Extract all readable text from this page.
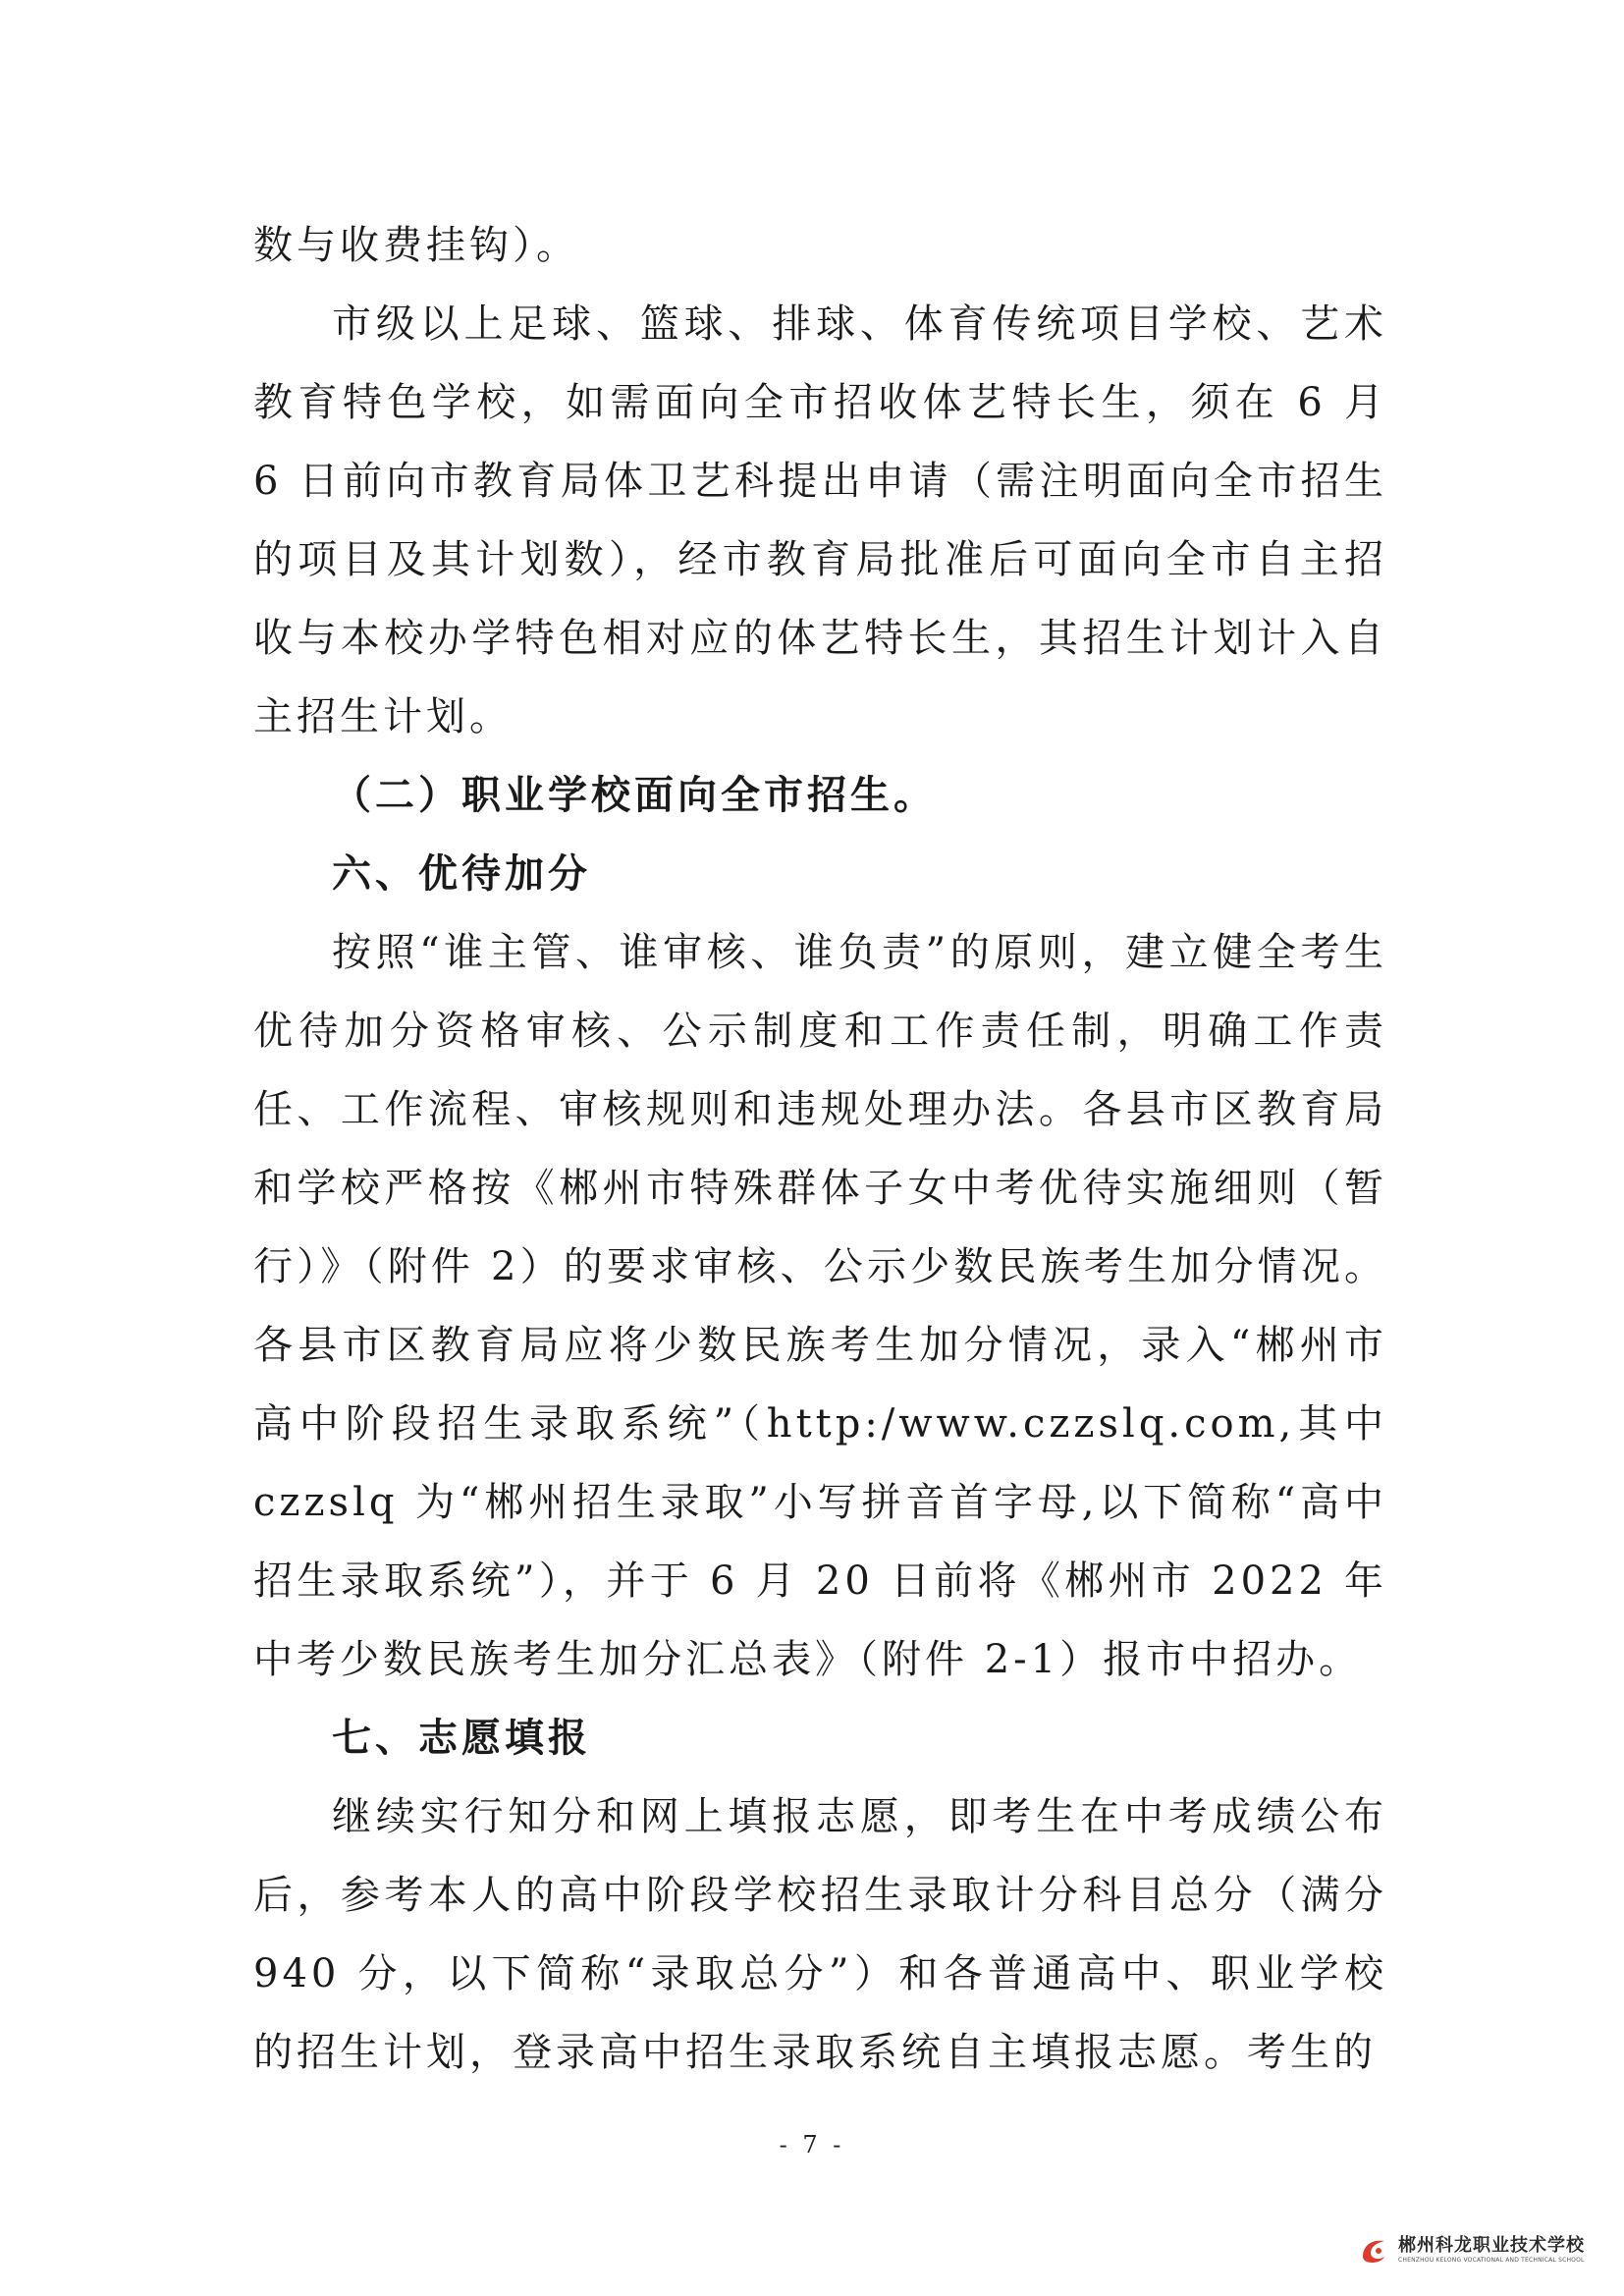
数与收费挂钩）。

市级以上足球、篮球、排球、体育传统项目学校、艺术教育特色学校，如需面向全市招收体艺特长生，须在 6 月 6 日前向市教育局体卫艺科提出申请（需注明面向全市招生的项目及其计划数），经市教育局批准后可面向全市自主招收与本校办学特色相对应的体艺特长生，其招生计划计入自主招生计划。

（二）职业学校面向全市招生。

六、优待加分

按照“谁主管、谁审核、谁负责”的原则，建立健全考生优待加分资格审核、公示制度和工作责任制，明确工作责任、工作流程、审核规则和违规处理办法。各县市区教育局和学校严格按《郴州市特殊群体子女中考优待实施细则（暂行）》（附件 2）的要求审核、公示少数民族考生加分情况。各县市区教育局应将少数民族考生加分情况，录入“郴州市高中阶段招生录取系统”（http:/www.czzslq.com,其中 czzslq 为“郴州招生录取”小写拼音首字母,以下简称“高中招生录取系统”），并于 6 月 20 日前将《郴州市 2022 年中考少数民族考生加分汇总表》（附件 2-1）报市中招办。

七、志愿填报

继续实行知分和网上填报志愿，即考生在中考成绩公布后，参考本人的高中阶段学校招生录取计分科目总分（满分 940 分，以下简称“录取总分”）和各普通高中、职业学校的招生计划，登录高中招生录取系统自主填报志愿。考生的

- 7 -
郴州科龙职业技术学校
CHENZHOU KELONG VOCATIONAL AND TECHNICAL SCHOOL
